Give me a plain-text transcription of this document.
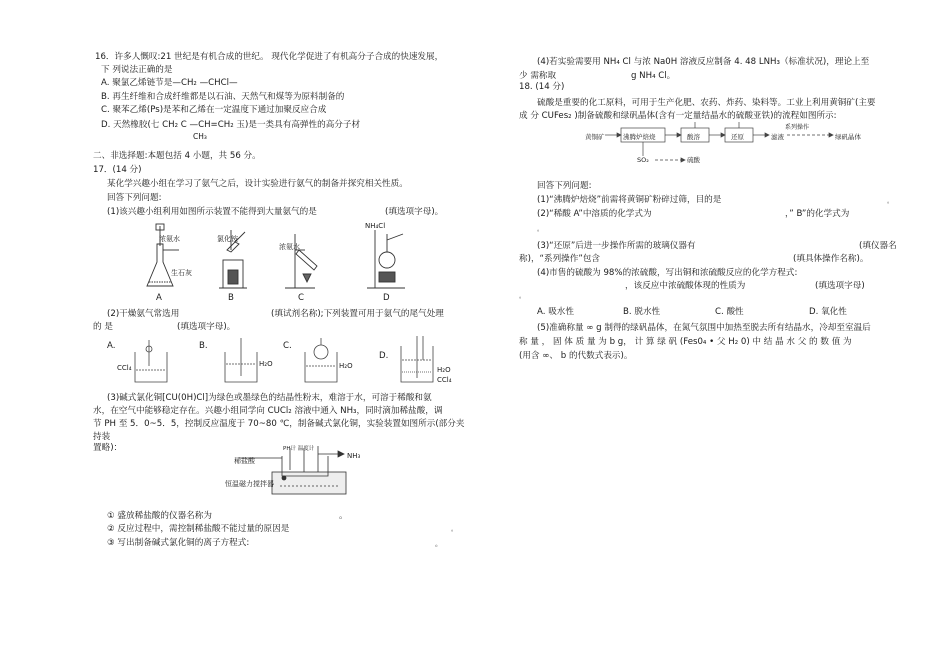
16．许多人慨叹:21 世纪是有机合成的世纪。 现代化学促进了有机高分子合成的快速发展，
下 列说法正确的是
A. 聚氯乙烯链节是—CH₂ —CHCl—
B. 再生纤维和合成纤维都是以石油、天然气和煤等为原料制备的
C. 聚苯乙烯(Ps)是苯和乙烯在一定温度下通过加聚反应合成
D. 天然橡胶(七 CH₂ C —CH=CH₂ 玉)是一类具有高弹性的高分子材
CH₃
二、非选择题:本题包括 4 小题，共 56 分。
17．(14 分)
某化学兴趣小组在学习了氨气之后，设计实验进行氨气的制备并探究相关性质。
回答下列问题:
(1)该兴趣小组利用如图所示装置不能得到大量氨气的是	(填选项字母)。
浓氨水
生石灰
氯化铵
浓氨水
NH₄Cl
A	B	C	D
(2)干燥氨气常选用	(填试剂名称);下列装置可用于氨气的尾气处理
的 是	(填选项字母)。
A.
CCl₄
B.
H₂O
C.
H₂O
D.
H₂O
CCl₄
(3)碱式氯化铜[CU(0H)Cl]为绿色或墨绿色的结晶性粉末，难溶于水，可溶于稀酸和氨
水，在空气中能够稳定存在。兴趣小组同学向 CUCl₂ 溶液中通入 NH₃，同时滴加稀盐酸，调
节 PH 至 5．0~5．5，控制反应温度于 70~80 ℃，制备碱式氯化铜，实验装置如图所示(部分夹
持装
置略)：
稀盐酸
PH计 温度计
NH₃
恒温磁力搅拌器
① 盛放稀盐酸的仪器名称为	。
② 反应过程中，需控制稀盐酸不能过量的原因是	。
③ 写出制备碱式氯化铜的离子方程式:	。
(4)若实验需要用 NH₄ Cl 与浓 Na0H 溶液反应制备 4. 48 LNH₃（标准状况)，理论上至
少 需称取	g NH₄ Cl。
18. (14 分)
硫酸是重要的化工原料，可用于生产化肥、农药、炸药、染料等。工业上利用黄铜矿(主要
成 分 CUFes₂ )制备硫酸和绿矾晶体(含有一定量结晶水的硫酸亚铁)的流程如图所示:
黄铜矿	沸腾炉焙烧	酸溶	还原	滤液
系列操作
绿矾晶体
SO₂	硫酸
回答下列问题:
(1)“沸腾炉焙烧”前需将黄铜矿粉碎过筛，目的是	。
(2)“稀酸 A”中溶质的化学式为	，” B”的化学式为
。
(3)“还原”后进一步操作所需的玻璃仪器有	(填仪器名
称)，“系列操作”包含	(填具体操作名称)。
(4)市售的硫酸为 98%的浓硫酸，写出铜和浓硫酸反应的化学方程式:
，该反应中浓硫酸体现的性质为	(填选项字母)
。
A. 吸水性	B. 脱水性	C. 酸性	D. 氧化性
(5)准确称量 ∞ g 制得的绿矾晶体，在氮气氛围中加热至脱去所有结晶水，冷却至室温后
称 量 ， 固 体 质 量 为 b g， 计 算 绿 矾 (Fes0₄ • 父 H₂ 0) 中 结 晶 水 父 的 数 值 为
(用含 ∞、 b 的代数式表示)。
